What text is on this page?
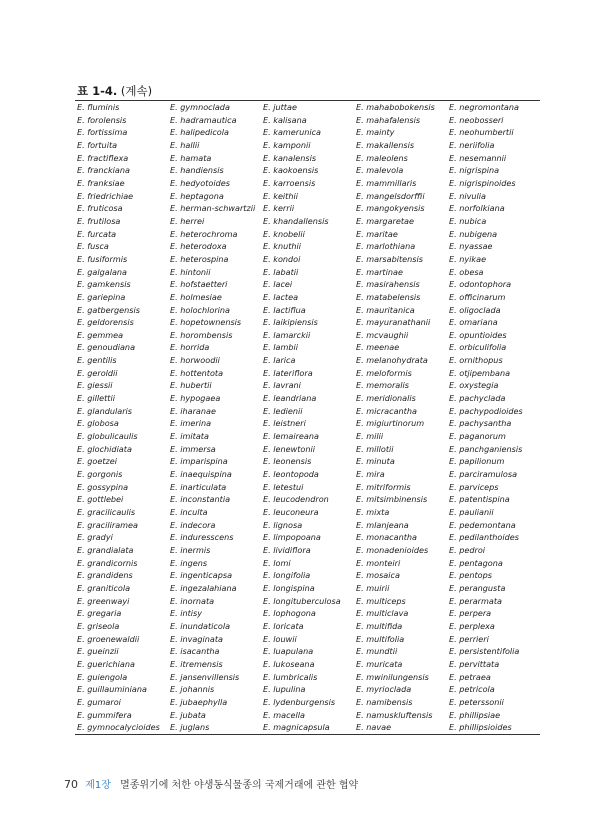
표 1-4. (계속)
E. fluminis	E. gymnoclada	E. juttae	E. mahabobokensis	E. negromontana
E. forolensis	E. hadramautica	E. kalisana	E. mahafalensis	E. neobosseri
E. fortissima	E. halipedicola	E. kamerunica	E. mainty	E. neohumbertii
E. fortuita	E. hallii	E. kamponii	E. makallensis	E. neriifolia
E. fractiflexa	E. hamata	E. kanalensis	E. maleolens	E. nesemannii
E. franckiana	E. handiensis	E. kaokoensis	E. malevola	E. nigrispina
E. franksiae	E. hedyotoides	E. karroensis	E. mammillaris	E. nigrispinoides
E. friedrichiae	E. heptagona	E. keithii	E. mangelsdorffii	E. nivulia
E. fruticosa	E. herman-schwartzii	E. kerrii	E. mangokyensis	E. norfolkiana
E. frutilosa	E. herrei	E. khandallensis	E. margaretae	E. nubica
E. furcata	E. heterochroma	E. knobelii	E. maritae	E. nubigena
E. fusca	E. heterodoxa	E. knuthii	E. marlothiana	E. nyassae
E. fusiformis	E. heterospina	E. kondoi	E. marsabitensis	E. nyikae
E. galgalana	E. hintonii	E. labatii	E. martinae	E. obesa
E. gamkensis	E. hofstaetteri	E. lacei	E. masirahensis	E. odontophora
E. gariepina	E. holmesiae	E. lactea	E. matabelensis	E. officinarum
E. gatbergensis	E. holochlorina	E. lactiflua	E. mauritanica	E. oligoclada
E. geldorensis	E. hopetownensis	E. laikipiensis	E. mayuranathanii	E. omariana
E. gemmea	E. horombensis	E. lamarckii	E. mcvaughii	E. opuntioides
E. genoudiana	E. horrida	E. lambii	E. meenae	E. orbiculifolia
E. gentilis	E. horwoodii	E. larica	E. melanohydrata	E. ornithopus
E. geroldii	E. hottentota	E. lateriflora	E. meloformis	E. otjipembana
E. giessii	E. hubertii	E. lavrani	E. memoralis	E. oxystegia
E. gillettii	E. hypogaea	E. leandriana	E. meridionalis	E. pachyclada
E. glandularis	E. iharanae	E. ledienii	E. micracantha	E. pachypodioides
E. globosa	E. imerina	E. leistneri	E. migiurtinorum	E. pachysantha
E. globulicaulis	E. imitata	E. lemaireana	E. milii	E. paganorum
E. glochidiata	E. immersa	E. lenewtonii	E. millotii	E. panchganiensis
E. goetzei	E. imparispina	E. leonensis	E. minuta	E. papilionum
E. gorgonis	E. inaequispina	E. leontopoda	E. mira	E. parciramulosa
E. gossypina	E. inarticulata	E. letestui	E. mitriformis	E. parviceps
E. gottlebei	E. inconstantia	E. leucodendron	E. mitsimbinensis	E. patentispina
E. gracilicaulis	E. inculta	E. leuconeura	E. mixta	E. paulianii
E. graciliramea	E. indecora	E. lignosa	E. mlanjeana	E. pedemontana
E. gradyi	E. induresscens	E. limpopoana	E. monacantha	E. pedilanthoides
E. grandialata	E. inermis	E. lividiflora	E. monadenioides	E. pedroi
E. grandicornis	E. ingens	E. lomi	E. monteiri	E. pentagona
E. grandidens	E. ingenticapsa	E. longifolia	E. mosaica	E. pentops
E. graniticola	E. ingezalahiana	E. longispina	E. muirii	E. perangusta
E. greenwayi	E. inornata	E. longituberculosa	E. multiceps	E. perarmata
E. gregaria	E. intisy	E. lophogona	E. multiclava	E. perpera
E. griseola	E. inundaticola	E. loricata	E. multifida	E. perplexa
E. groenewaldii	E. invaginata	E. louwii	E. multifolia	E. perrieri
E. gueinzii	E. isacantha	E. luapulana	E. mundtii	E. persistentifolia
E. guerichiana	E. itremensis	E. lukoseana	E. muricata	E. pervittata
E. guiengola	E. jansenvillensis	E. lumbricalis	E. mwinilungensis	E. petraea
E. guillauminiana	E. johannis	E. lupulina	E. myrioclada	E. petricola
E. gumaroi	E. jubaephylla	E. lydenburgensis	E. namibensis	E. peterssonii
E. gummifera	E. jubata	E. macella	E. namuskluftensis	E. phillipsiae
E. gymnocalycioides	E. juglans	E. magnicapsula	E. navae	E. phillipsioides
70 제1장 멸종위기에 처한 야생동식물종의 국제거래에 관한 협약
